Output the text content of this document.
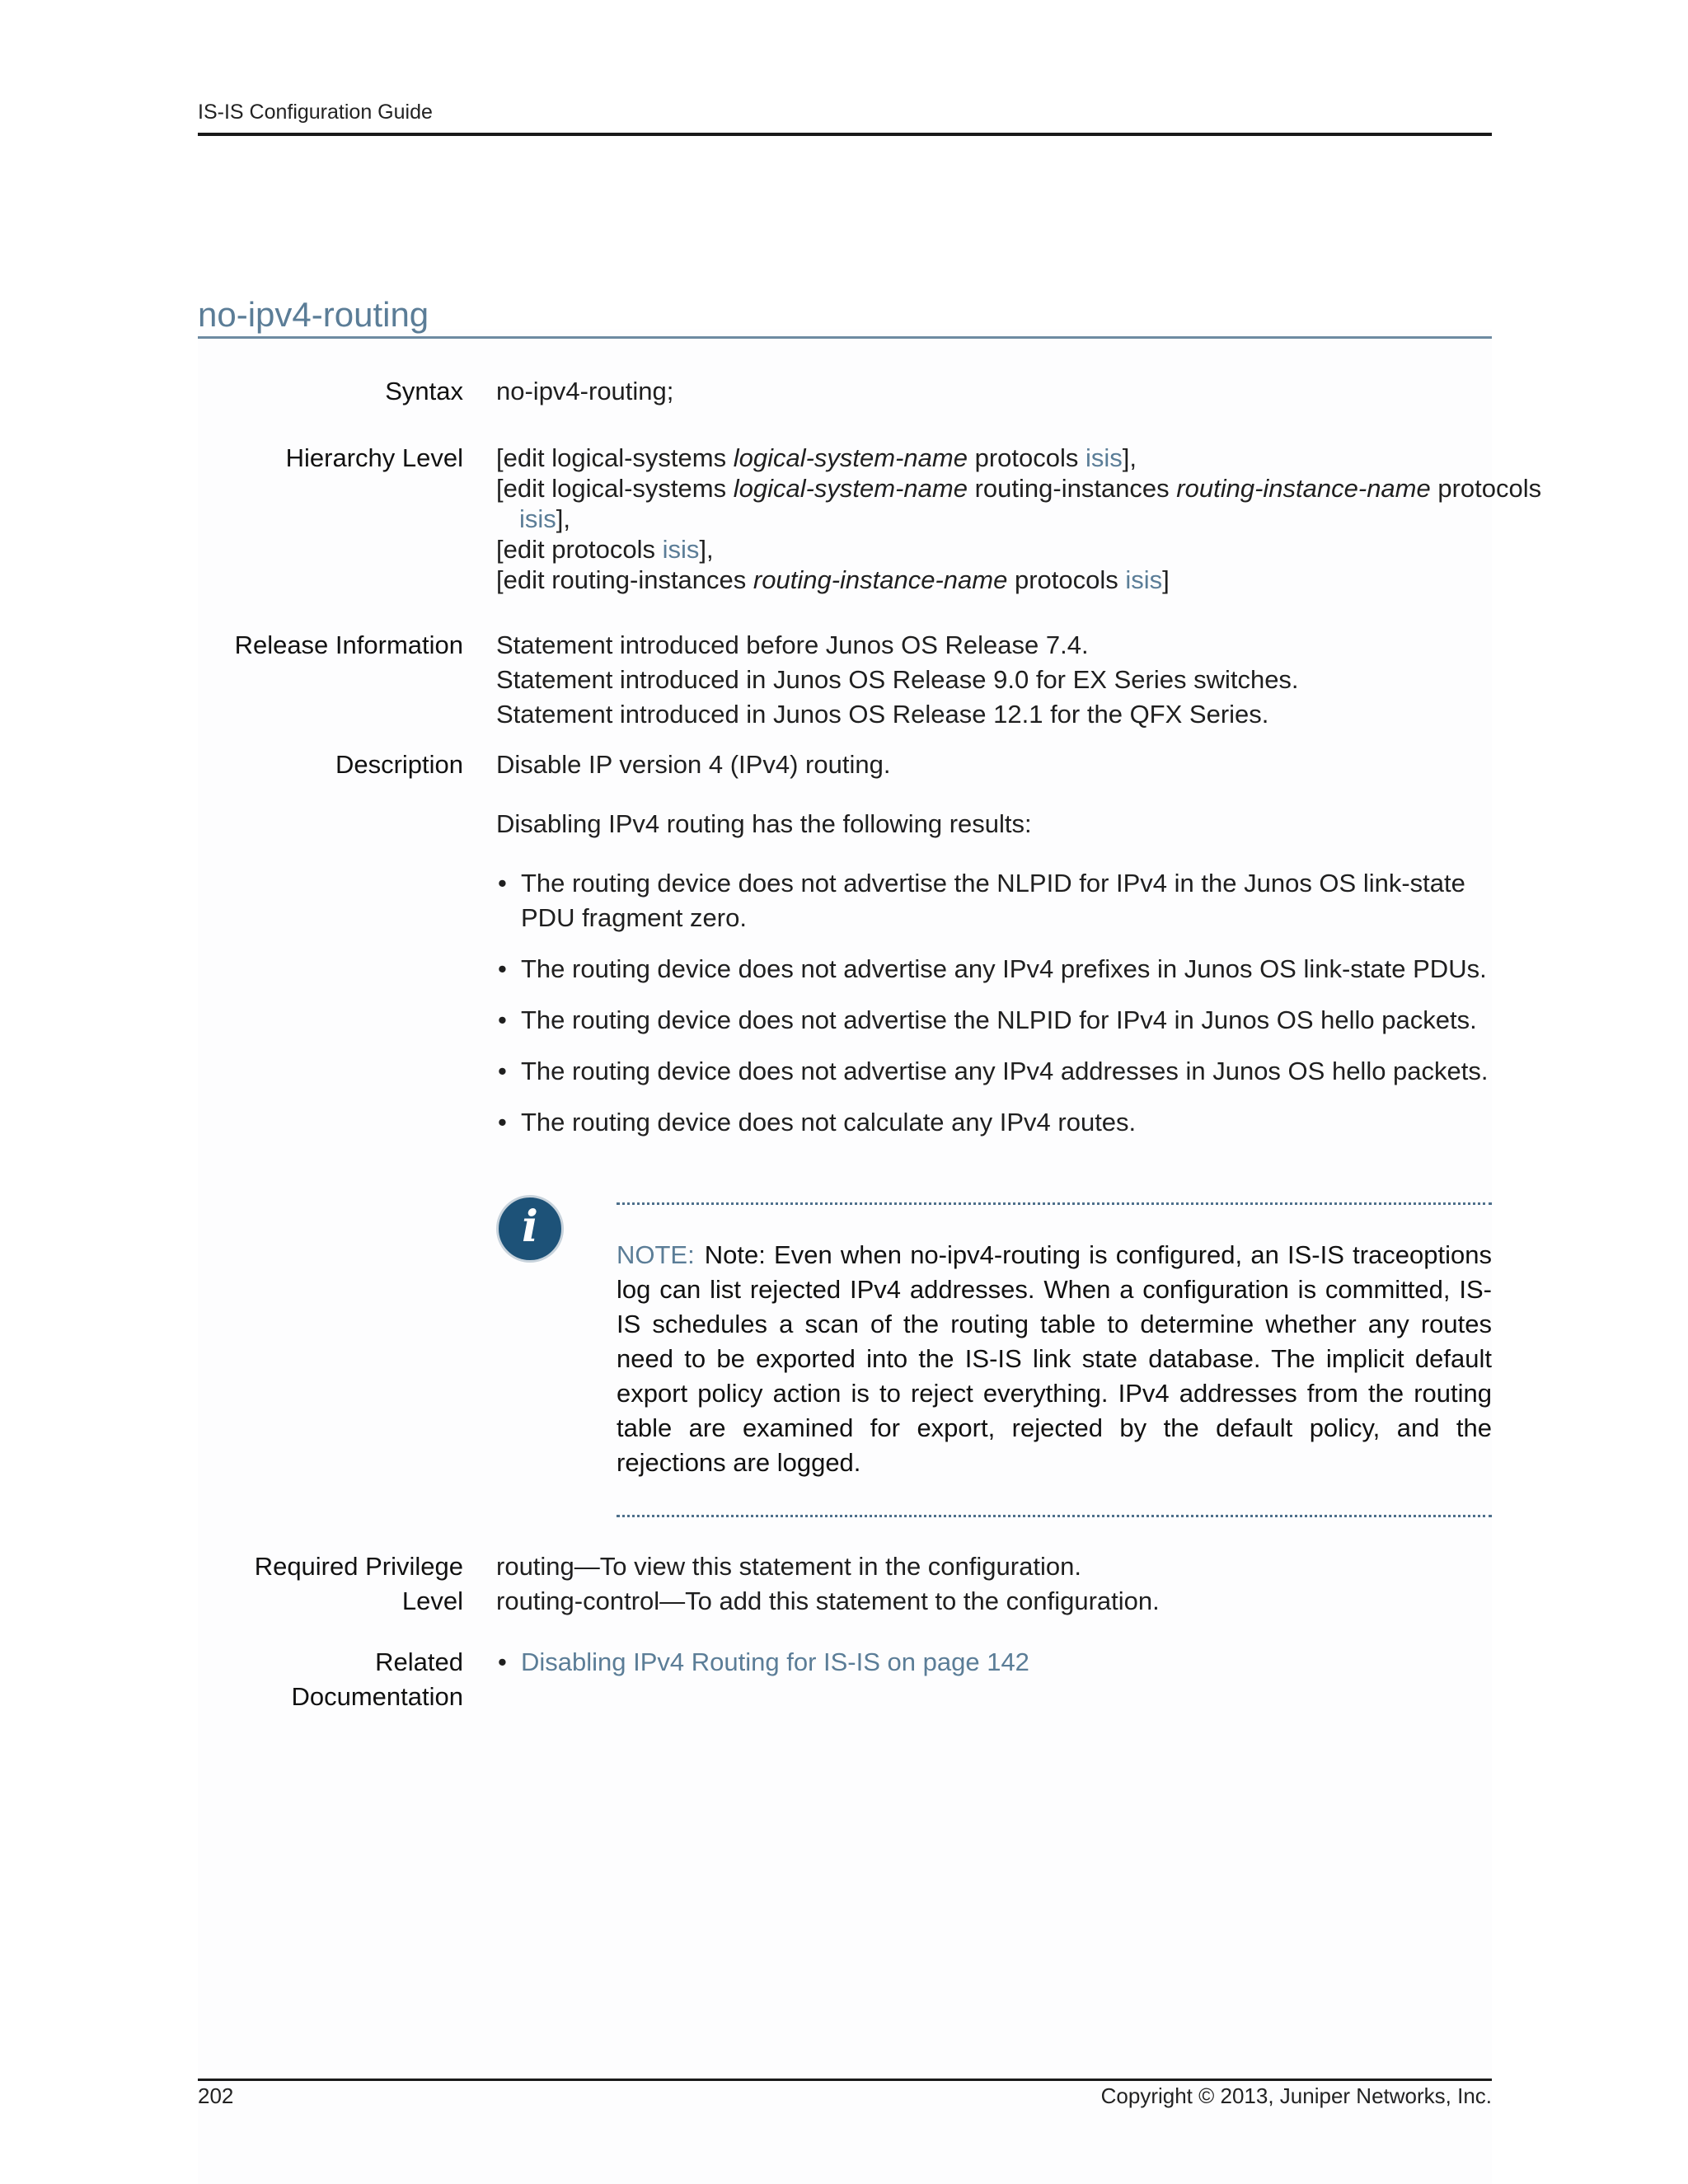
IS-IS Configuration Guide
no-ipv4-routing
Syntax no-ipv4-routing;
Hierarchy Level [edit logical-systems logical-system-name protocols isis],
[edit logical-systems logical-system-name routing-instances routing-instance-name protocols
isis],
[edit protocols isis],
[edit routing-instances routing-instance-name protocols isis]
Release Information Statement introduced before Junos OS Release 7.4.
Statement introduced in Junos OS Release 9.0 for EX Series switches.
Statement introduced in Junos OS Release 12.1 for the QFX Series.
Description Disable IP version 4 (IPv4) routing.

Disabling IPv4 routing has the following results:

• The routing device does not advertise the NLPID for IPv4 in the Junos OS link-state PDU fragment zero.
• The routing device does not advertise any IPv4 prefixes in Junos OS link-state PDUs.
• The routing device does not advertise the NLPID for IPv4 in Junos OS hello packets.
• The routing device does not advertise any IPv4 addresses in Junos OS hello packets.
• The routing device does not calculate any IPv4 routes.
i
NOTE: Note: Even when no-ipv4-routing is configured, an IS-IS traceoptions log can list rejected IPv4 addresses. When a configuration is committed, IS-IS schedules a scan of the routing table to determine whether any routes need to be exported into the IS-IS link state database. The implicit default export policy action is to reject everything. IPv4 addresses from the routing table are examined for export, rejected by the default policy, and the rejections are logged.
Required Privilege
Level
routing—To view this statement in the configuration.
routing-control—To add this statement to the configuration.
Related
Documentation
• Disabling IPv4 Routing for IS-IS on page 142
202	Copyright © 2013, Juniper Networks, Inc.
